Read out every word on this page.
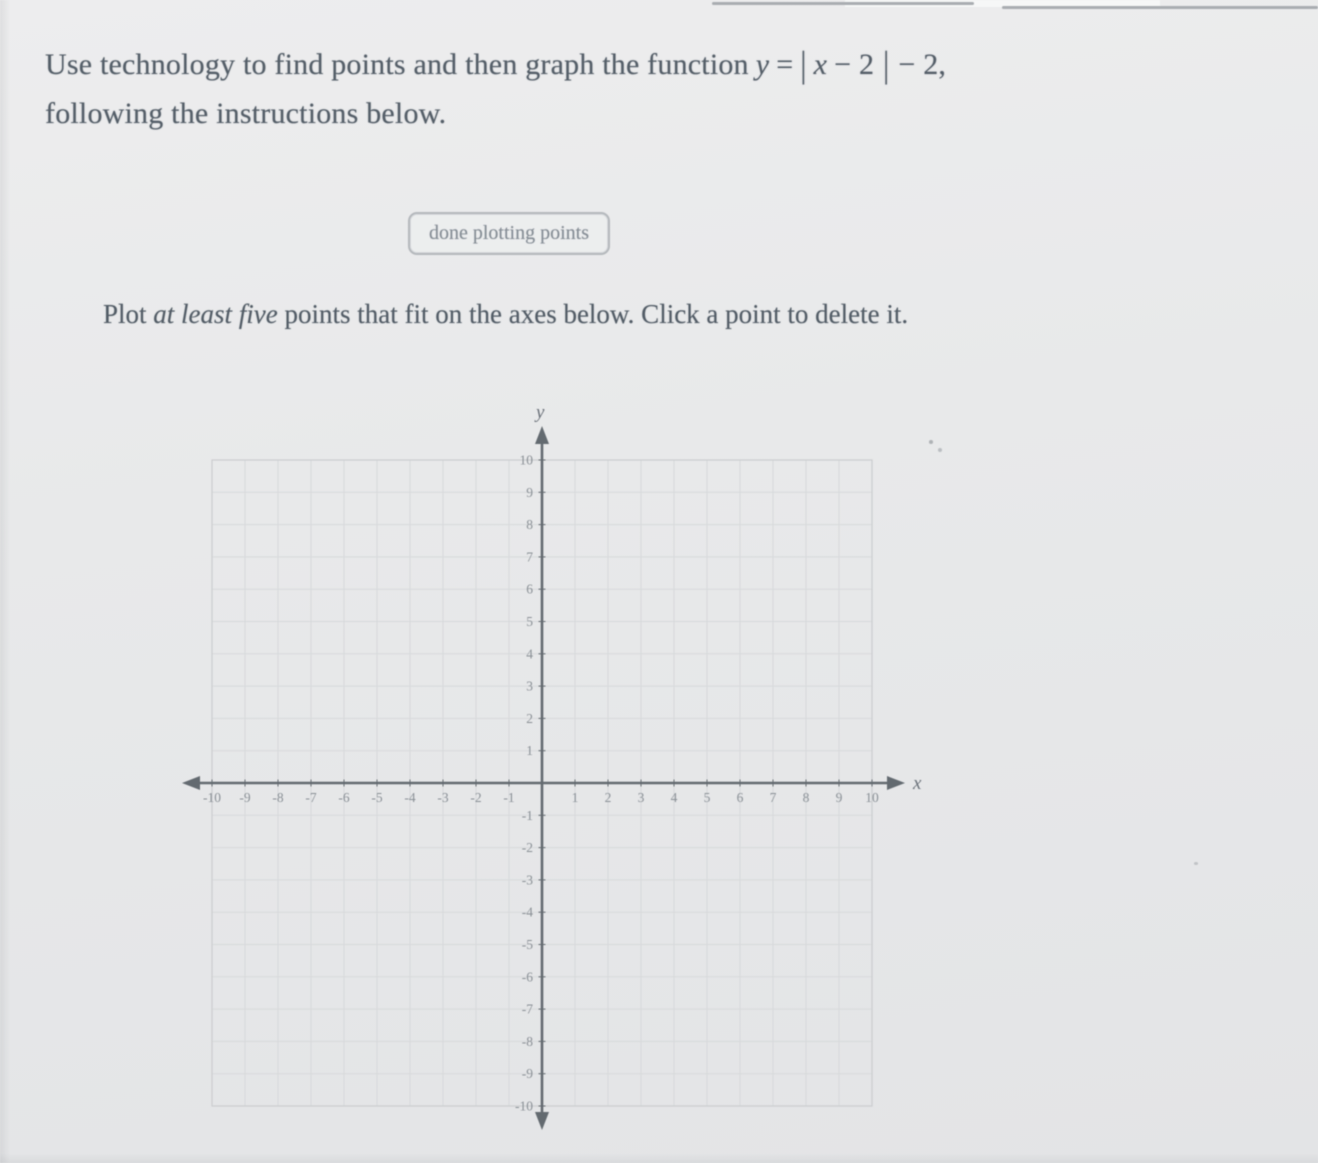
Use technology to find points and then graph the function y = | x − 2 | − 2,
following the instructions below.
done plotting points
Plot at least five points that fit on the axes below. Click a point to delete it.
-10 -9 -8 -7 -6 -5 -4 -3 -2 -1	1 2 3 4 5 6 7 8 9 10
10
9
8
7
6
5
4
3
2
1
-1
-2
-3
-4
-5
-6
-7
-8
-9
-10
x
y
